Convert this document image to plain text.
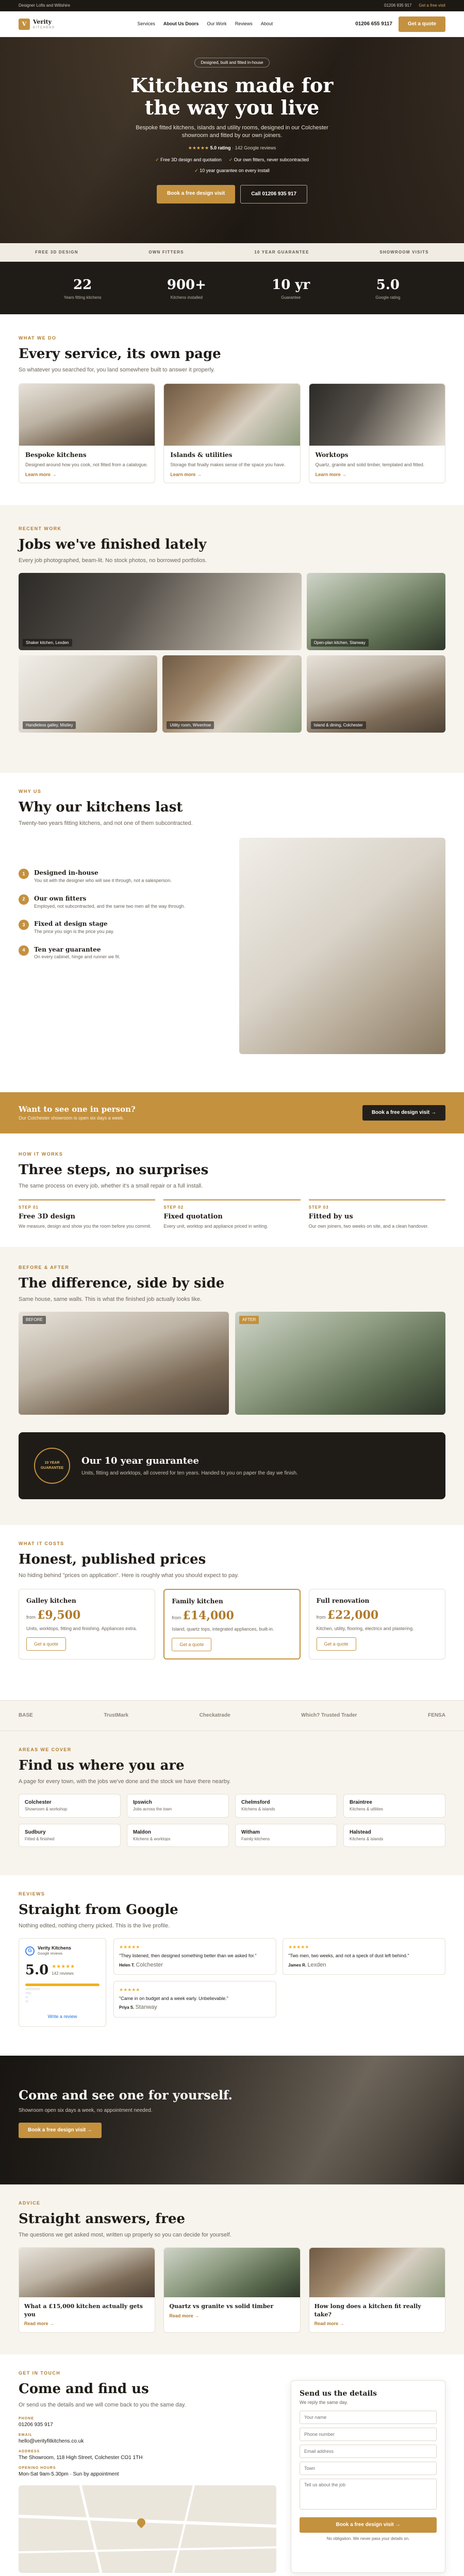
Designer Lofts and Wiltshire	01206 935 917 Get a free visit
V	Verity
KITCHENS
Services About Us Doors Our Work Reviews About	01206 655 9117	Get a quote
Designed, built and fitted in-house
Kitchens made for
the way you live
Bespoke fitted kitchens, islands and utility rooms, designed in our Colchester showroom and fitted by our own joiners.
★★★★★ 5.0 rating · 142 Google reviews
✓ Free 3D design and quotation ✓ Our own fitters, never subcontracted
✓ 10 year guarantee on every install
Book a free design visit	Call 01206 935 917
FREE 3D DESIGN	OWN FITTERS	10 YEAR GUARANTEE	SHOWROOM VISITS
22
Years fitting kitchens
900+
Kitchens installed
10 yr
Guarantee
5.0
Google rating
WHAT WE DO
Every service, its own page
So whatever you searched for, you land somewhere built to answer it properly.
Bespoke kitchens
Designed around how you cook, not fitted from a catalogue.
Learn more →
Islands & utilities
Storage that finally makes sense of the space you have.
Learn more →
Worktops
Quartz, granite and solid timber, templated and fitted.
Learn more →
RECENT WORK
Jobs we've finished lately
Every job photographed, beam-lit. No stock photos, no borrowed portfolios.
Shaker kitchen, Lexden	Open-plan kitchen, Stanway
Handleless galley, Mistley	Utility room, Wivenhoe	Island & dining, Colchester
WHY US
Why our kitchens last
Twenty-two years fitting kitchens, and not one of them subcontracted.
1	Designed in-house
You sit with the designer who will see it through, not a salesperson.
2	Our own fitters
Employed, not subcontracted, and the same two men all the way through.
3	Fixed at design stage
The price you sign is the price you pay.
4	Ten year guarantee
On every cabinet, hinge and runner we fit.
Want to see one in person?
Our Colchester showroom is open six days a week.
Book a free design visit →
HOW IT WORKS
Three steps, no surprises
The same process on every job, whether it's a small repair or a full install.
STEP 01
Free 3D design
We measure, design and show you the room before you commit.
STEP 02
Fixed quotation
Every unit, worktop and appliance priced in writing.
STEP 03
Fitted by us
Our own joiners, two weeks on site, and a clean handover.
BEFORE & AFTER
The difference, side by side
Same house, same walls. This is what the finished job actually looks like.
BEFORE	AFTER
10 YEAR GUARANTEE
Our 10 year guarantee
Units, fitting and worktops, all covered for ten years. Handed to you on paper the day we finish.
WHAT IT COSTS
Honest, published prices
No hiding behind "prices on application". Here is roughly what you should expect to pay.
Galley kitchen
from £9,500
Units, worktops, fitting and finishing. Appliances extra.
Get a quote
Family kitchen
from £14,000
Island, quartz tops, integrated appliances, built-in.
Get a quote
Full renovation
from £22,000
Kitchen, utility, flooring, electrics and plastering.
Get a quote
BASE	TrustMark	Checkatrade	Which? Trusted Trader	FENSA
AREAS WE COVER
Find us where you are
A page for every town, with the jobs we've done and the stock we have there nearby.
Colchester
Showroom & workshop
Ipswich
Jobs across the town
Chelmsford
Kitchens & islands
Braintree
Kitchens & utilities
Sudbury
Fitted & finished
Maldon
Kitchens & worktops
Witham
Family kitchens
Halstead
Kitchens & islands
REVIEWS
Straight from Google
Nothing edited, nothing cherry picked. This is the live profile.
G	Verity Kitchens
Google reviews
5.0 ★★★★★
142 reviews
Write a review
★★★★★
"They listened, then designed something better than we asked for."
Helen T. Colchester
★★★★★
"Two men, two weeks, and not a speck of dust left behind."
James R. Lexden
★★★★★
"Came in on budget and a week early. Unbelievable."
Priya S. Stanway
Come and see one for yourself.
Showroom open six days a week, no appointment needed.
Book a free design visit →
ADVICE
Straight answers, free
The questions we get asked most, written up properly so you can decide for yourself.
What a £15,000 kitchen actually gets you
Read more →
Quartz vs granite vs solid timber
Read more →
How long does a kitchen fit really take?
Read more →
GET IN TOUCH
Come and find us
Or send us the details and we will come back to you the same day.
PHONE
01206 935 917
EMAIL
hello@verityfitkitchens.co.uk
ADDRESS
The Showroom, 118 High Street, Colchester CO1 1TH
OPENING HOURS
Mon-Sat 9am-5.30pm · Sun by appointment
Send us the details
We reply the same day.
Your name Phone number Email address Town Tell us about the job
Book a free design visit →
No obligation. We never pass your details on.
